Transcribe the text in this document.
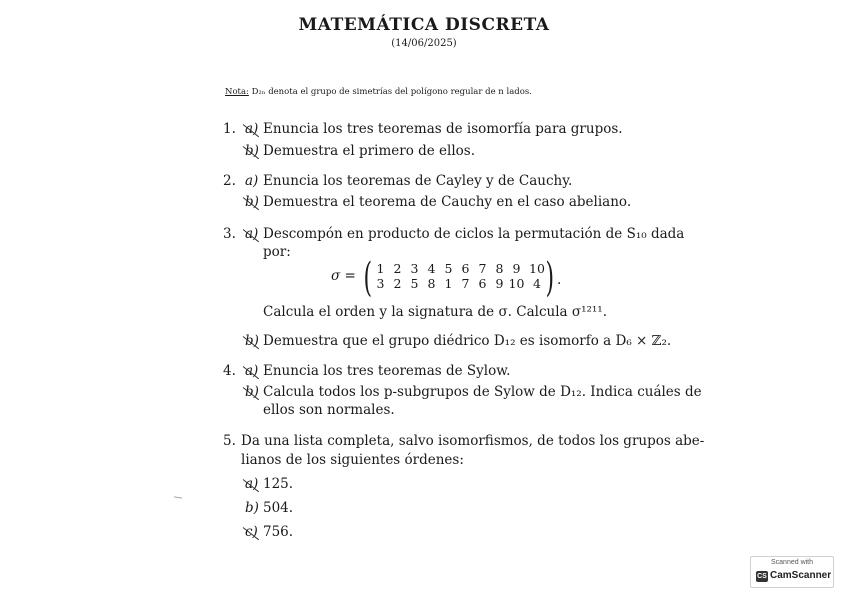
MATEMÁTICA DISCRETA
(14/06/2025)
Nota: D₂ₙ denota el grupo de simetrías del polígono regular de n lados.
1. a) Enuncia los tres teoremas de isomorfía para grupos.
b) Demuestra el primero de ellos.
2. a) Enuncia los teoremas de Cayley y de Cauchy.
b) Demuestra el teorema de Cauchy en el caso abeliano.
3. a) Descompón en producto de ciclos la permutación de S₁₀ dada
por:
σ = ( 1 2 3 4 5 6 7 8 9 10
3 2 5 8 1 7 6 9 10 4 ) .
Calcula el orden y la signatura de σ. Calcula σ¹²¹¹.
b) Demuestra que el grupo diédrico D₁₂ es isomorfo a D₆ × ℤ₂.
4. a) Enuncia los tres teoremas de Sylow.
b) Calcula todos los p-subgrupos de Sylow de D₁₂. Indica cuáles de
ellos son normales.
5. Da una lista completa, salvo isomorfismos, de todos los grupos abe-
lianos de los siguientes órdenes:
a) 125.
b) 504.
c) 756.
Scanned with
CS CamScanner
